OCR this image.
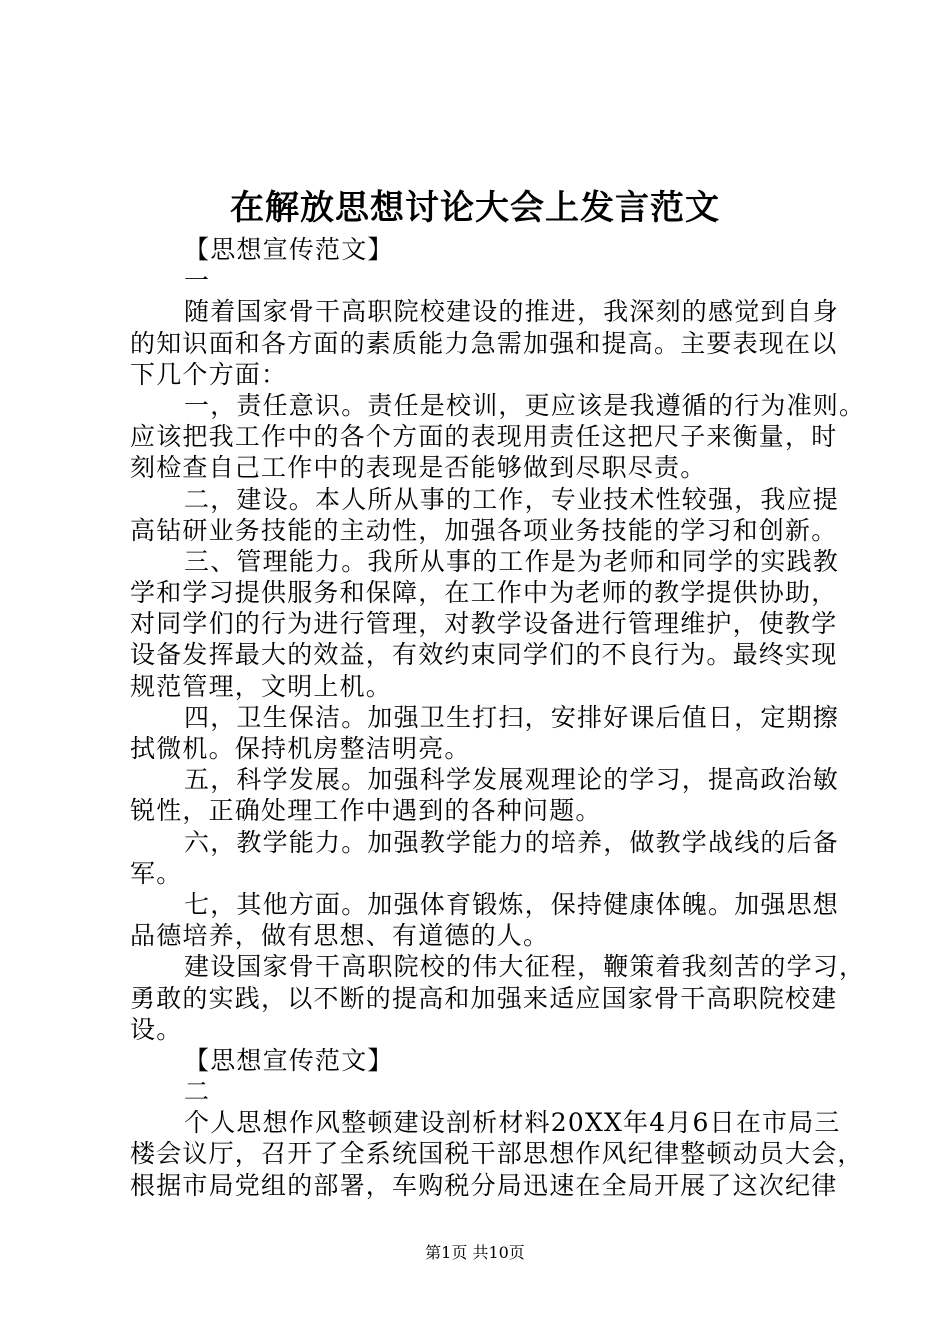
在解放思想讨论大会上发言范文
【思想宣传范文】
一
随着国家骨干高职院校建设的推进，我深刻的感觉到自身
的知识面和各方面的素质能力急需加强和提高。主要表现在以
下几个方面：
一，责任意识。责任是校训，更应该是我遵循的行为准则。
应该把我工作中的各个方面的表现用责任这把尺子来衡量，时
刻检查自己工作中的表现是否能够做到尽职尽责。
二，建设。本人所从事的工作，专业技术性较强，我应提
高钻研业务技能的主动性，加强各项业务技能的学习和创新。
三、管理能力。我所从事的工作是为老师和同学的实践教
学和学习提供服务和保障，在工作中为老师的教学提供协助，
对同学们的行为进行管理，对教学设备进行管理维护，使教学
设备发挥最大的效益，有效约束同学们的不良行为。最终实现
规范管理，文明上机。
四，卫生保洁。加强卫生打扫，安排好课后值日，定期擦
拭微机。保持机房整洁明亮。
五，科学发展。加强科学发展观理论的学习，提高政治敏
锐性，正确处理工作中遇到的各种问题。
六，教学能力。加强教学能力的培养，做教学战线的后备
军。
七，其他方面。加强体育锻炼，保持健康体魄。加强思想
品德培养，做有思想、有道德的人。
建设国家骨干高职院校的伟大征程，鞭策着我刻苦的学习，
勇敢的实践，以不断的提高和加强来适应国家骨干高职院校建
设。
【思想宣传范文】
二
个人思想作风整顿建设剖析材料20XX年4月6日在市局三
楼会议厅，召开了全系统国税干部思想作风纪律整顿动员大会，
根据市局党组的部署，车购税分局迅速在全局开展了这次纪律
第1页 共10页
